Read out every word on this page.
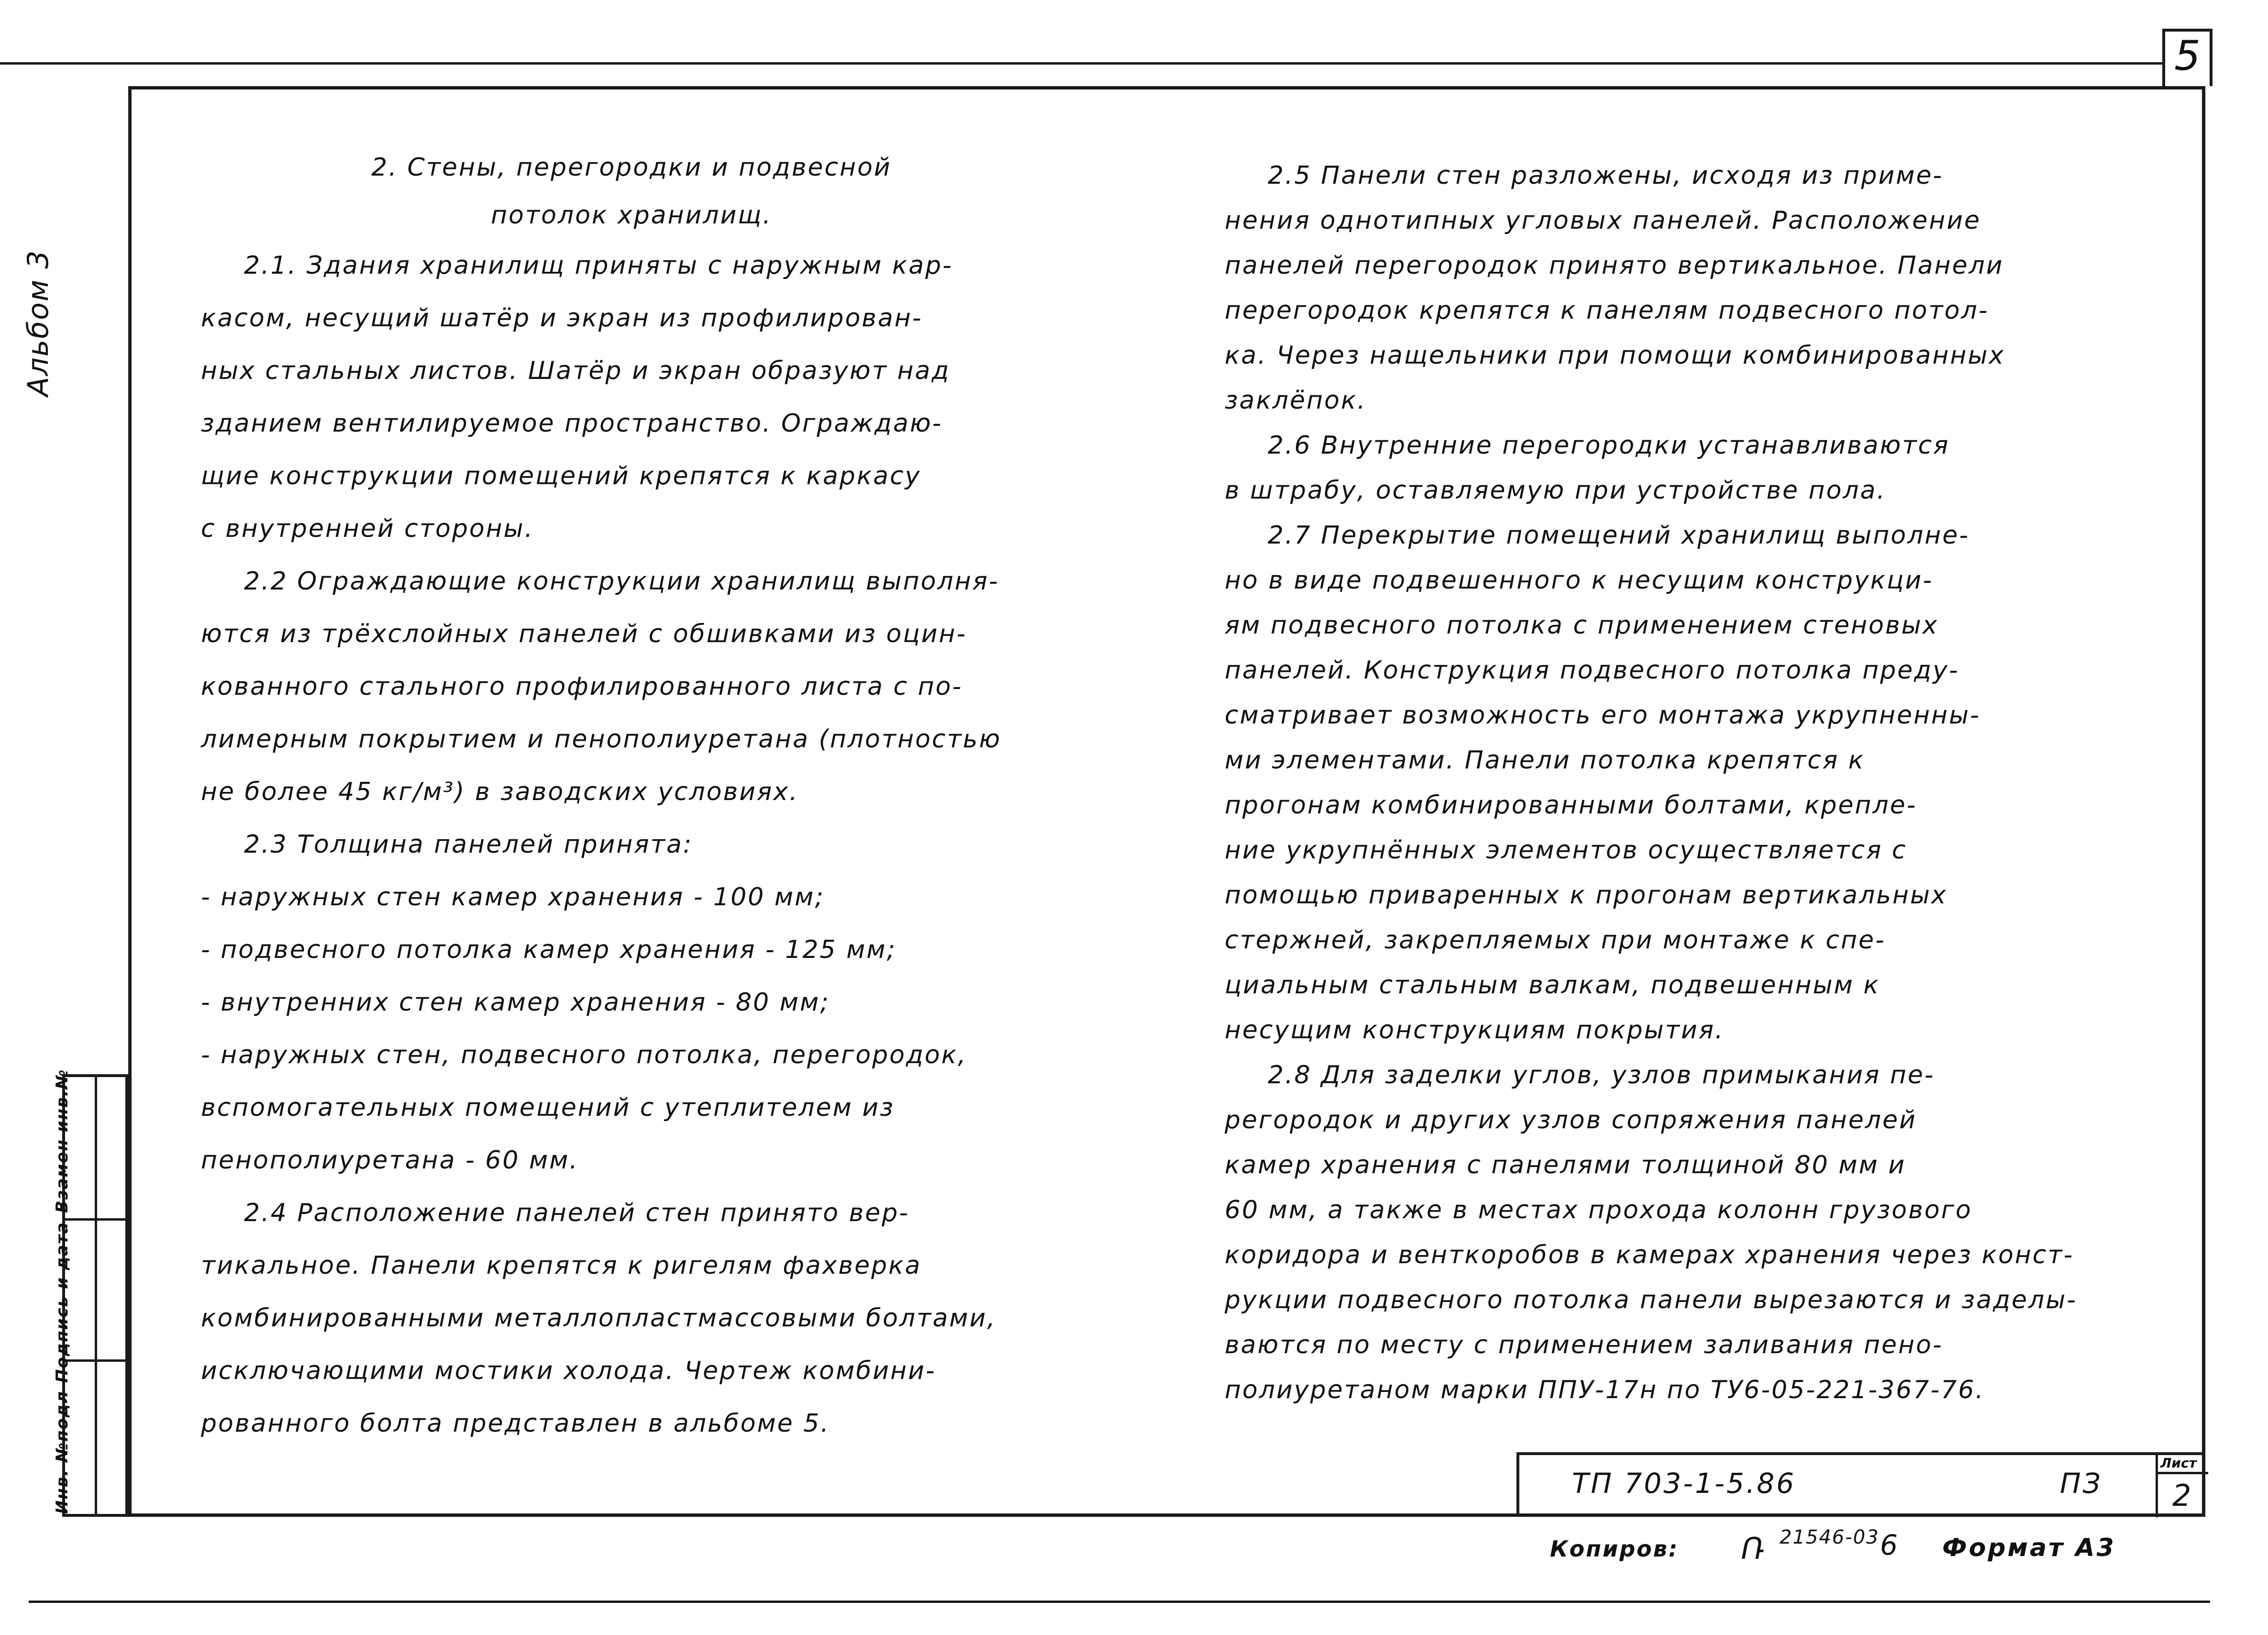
5
Альбом 3
Инв. №подл
Подпись и дата
Взамен инв.№

2. Стены, перегородки и подвесной

потолок хранилищ.

2.1. Здания хранилищ приняты с наружным кар-

касом, несущий шатёр и экран из профилирован-

ных стальных листов. Шатёр и экран образуют над

зданием вентилируемое пространство. Ограждаю-

щие конструкции помещений крепятся к каркасу

с внутренней стороны.

2.2 Ограждающие конструкции хранилищ выполня-

ются из трёхслойных панелей с обшивками из оцин-

кованного стального профилированного листа с по-

лимерным покрытием и пенополиуретана (плотностью

не более 45 кг/м³) в заводских условиях.

2.3 Толщина панелей принята:

- наружных стен камер хранения - 100 мм;

- подвесного потолка камер хранения - 125 мм;

- внутренних стен камер хранения - 80 мм;

- наружных стен, подвесного потолка, перегородок,

вспомогательных помещений с утеплителем из

пенополиуретана - 60 мм.

2.4 Расположение панелей стен принято вер-

тикальное. Панели крепятся к ригелям фахверка

комбинированными металлопластмассовыми болтами,

исключающими мостики холода. Чертеж комбини-

рованного болта представлен в альбоме 5.

2.5 Панели стен разложены, исходя из приме-

нения однотипных угловых панелей. Расположение

панелей перегородок принято вертикальное. Панели

перегородок крепятся к панелям подвесного потол-

ка. Через нащельники при помощи комбинированных

заклёпок.

2.6 Внутренние перегородки устанавливаются

в штрабу, оставляемую при устройстве пола.

2.7 Перекрытие помещений хранилищ выполне-

но в виде подвешенного к несущим конструкци-

ям подвесного потолка с применением стеновых

панелей. Конструкция подвесного потолка преду-

сматривает возможность его монтажа укрупненны-

ми элементами. Панели потолка крепятся к

прогонам комбинированными болтами, крепле-

ние укрупнённых элементов осуществляется с

помощью приваренных к прогонам вертикальных

стержней, закрепляемых при монтаже к спе-

циальным стальным валкам, подвешенным к

несущим конструкциям покрытия.

2.8 Для заделки углов, узлов примыкания пе-

регородок и других узлов сопряжения панелей

камер хранения с панелями толщиной 80 мм и

60 мм, а также в местах прохода колонн грузового

коридора и венткоробов в камерах хранения через конст-

рукции подвесного потолка панели вырезаются и заделы-

ваются по месту с применением заливания пено-

полиуретаном марки ППУ-17н по ТУ6-05-221-367-76.

ТП 703-1-5.86	ПЗ
Лист
2
Копиров: Ռ 21546-03 6 Формат А3
